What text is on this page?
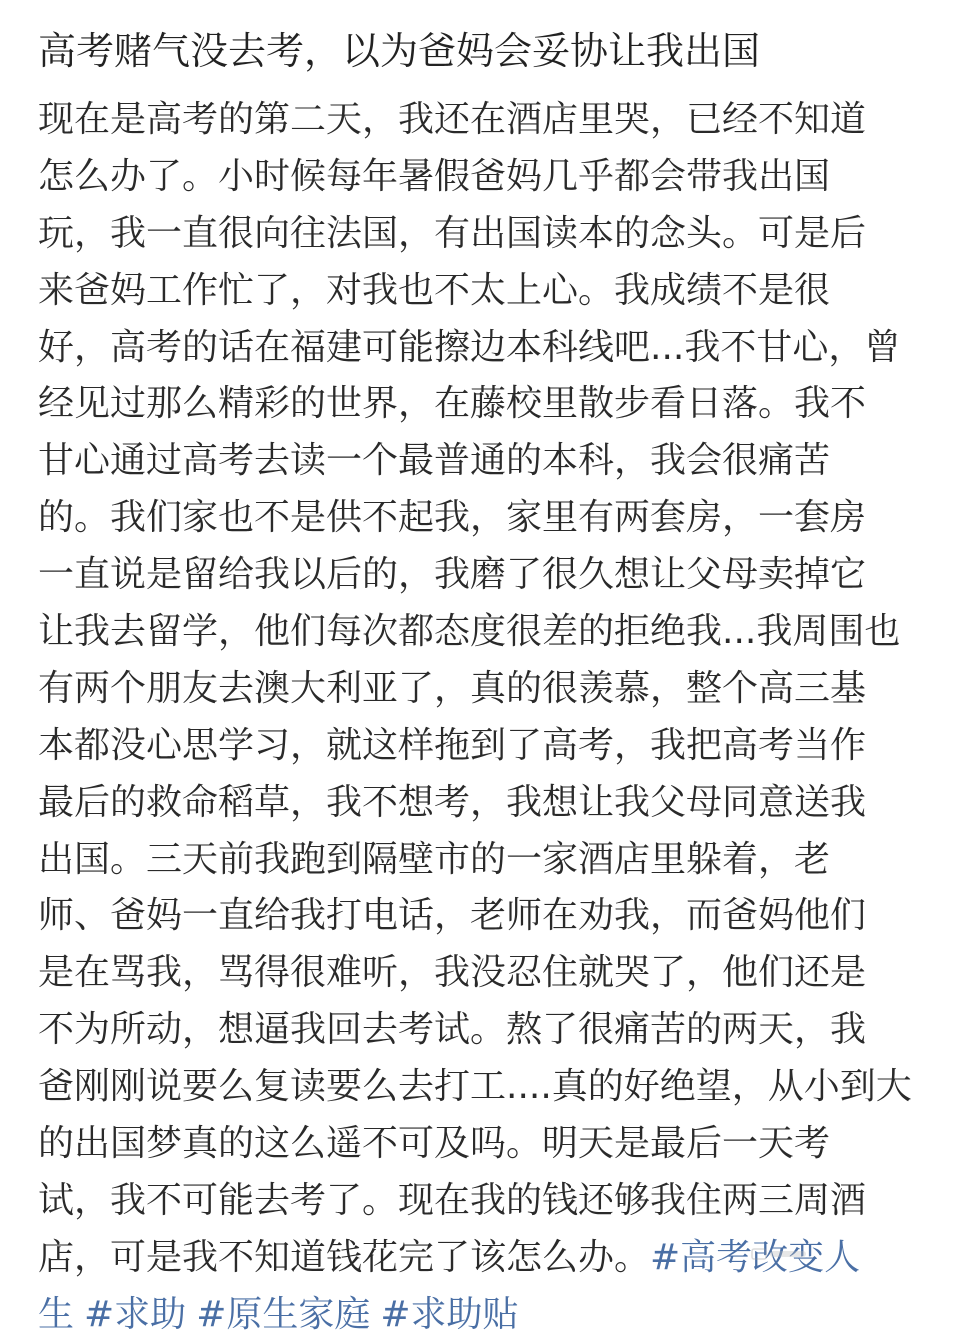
高考赌气没去考，以为爸妈会妥协让我出国
现在是高考的第二天，我还在酒店里哭，已经不知道
怎么办了。小时候每年暑假爸妈几乎都会带我出国
玩，我一直很向往法国，有出国读本的念头。可是后
来爸妈工作忙了，对我也不太上心。我成绩不是很
好，高考的话在福建可能擦边本科线吧...我不甘心，曾
经见过那么精彩的世界，在藤校里散步看日落。我不
甘心通过高考去读一个最普通的本科，我会很痛苦
的。我们家也不是供不起我，家里有两套房，一套房
一直说是留给我以后的，我磨了很久想让父母卖掉它
让我去留学，他们每次都态度很差的拒绝我...我周围也
有两个朋友去澳大利亚了，真的很羡慕，整个高三基
本都没心思学习，就这样拖到了高考，我把高考当作
最后的救命稻草，我不想考，我想让我父母同意送我
出国。三天前我跑到隔壁市的一家酒店里躲着，老
师、爸妈一直给我打电话，老师在劝我，而爸妈他们
是在骂我，骂得很难听，我没忍住就哭了，他们还是
不为所动，想逼我回去考试。熬了很痛苦的两天，我
爸刚刚说要么复读要么去打工....真的好绝望，从小到大
的出国梦真的这么遥不可及吗。明天是最后一天考
试，我不可能去考了。现在我的钱还够我住两三周酒
店，可是我不知道钱花完了该怎么办。#高考改变人
生 #求助 #原生家庭 #求助贴
